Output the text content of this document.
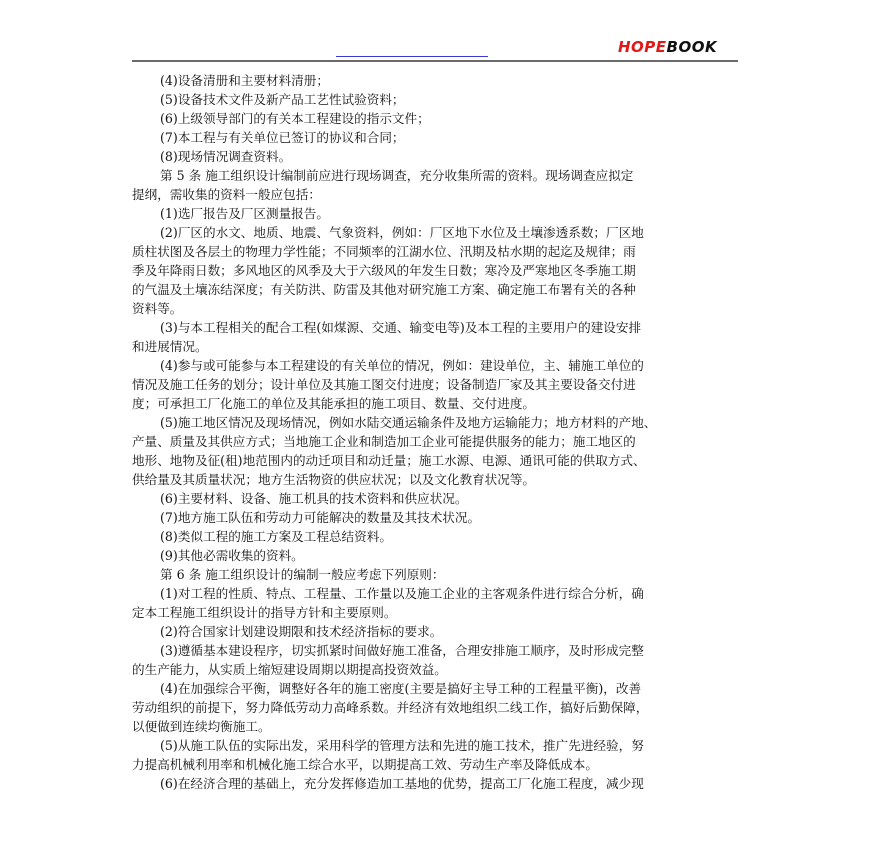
HOPEBOOK
(4)设备清册和主要材料清册；
(5)设备技术文件及新产品工艺性试验资料；
(6)上级领导部门的有关本工程建设的指示文件；
(7)本工程与有关单位已签订的协议和合同；
(8)现场情况调查资料。
第 5 条 施工组织设计编制前应进行现场调查，充分收集所需的资料。现场调查应拟定
提纲，需收集的资料一般应包括：
(1)选厂报告及厂区测量报告。
(2)厂区的水文、地质、地震、气象资料，例如：厂区地下水位及土壤渗透系数；厂区地
质柱状图及各层土的物理力学性能；不同频率的江湖水位、汛期及枯水期的起迄及规律；雨
季及年降雨日数；多风地区的风季及大于六级风的年发生日数；寒冷及严寒地区冬季施工期
的气温及土壤冻结深度；有关防洪、防雷及其他对研究施工方案、确定施工布署有关的各种
资料等。
(3)与本工程相关的配合工程(如煤源、交通、输变电等)及本工程的主要用户的建设安排
和进展情况。
(4)参与或可能参与本工程建设的有关单位的情况，例如：建设单位，主、辅施工单位的
情况及施工任务的划分；设计单位及其施工图交付进度；设备制造厂家及其主要设备交付进
度；可承担工厂化施工的单位及其能承担的施工项目、数量、交付进度。
(5)施工地区情况及现场情况，例如水陆交通运输条件及地方运输能力；地方材料的产地、
产量、质量及其供应方式；当地施工企业和制造加工企业可能提供服务的能力；施工地区的
地形、地物及征(租)地范围内的动迁项目和动迁量；施工水源、电源、通讯可能的供取方式、
供给量及其质量状况；地方生活物资的供应状况；以及文化教育状况等。
(6)主要材料、设备、施工机具的技术资料和供应状况。
(7)地方施工队伍和劳动力可能解决的数量及其技术状况。
(8)类似工程的施工方案及工程总结资料。
(9)其他必需收集的资料。
第 6 条 施工组织设计的编制一般应考虑下列原则：
(1)对工程的性质、特点、工程量、工作量以及施工企业的主客观条件进行综合分析，确
定本工程施工组织设计的指导方针和主要原则。
(2)符合国家计划建设期限和技术经济指标的要求。
(3)遵循基本建设程序，切实抓紧时间做好施工准备，合理安排施工顺序，及时形成完整
的生产能力，从实质上缩短建设周期以期提高投资效益。
(4)在加强综合平衡，调整好各年的施工密度(主要是搞好主导工种的工程量平衡)，改善
劳动组织的前提下，努力降低劳动力高峰系数。并经济有效地组织二线工作，搞好后勤保障，
以便做到连续均衡施工。
(5)从施工队伍的实际出发，采用科学的管理方法和先进的施工技术，推广先进经验，努
力提高机械利用率和机械化施工综合水平，以期提高工效、劳动生产率及降低成本。
(6)在经济合理的基础上，充分发挥修造加工基地的优势，提高工厂化施工程度，减少现
